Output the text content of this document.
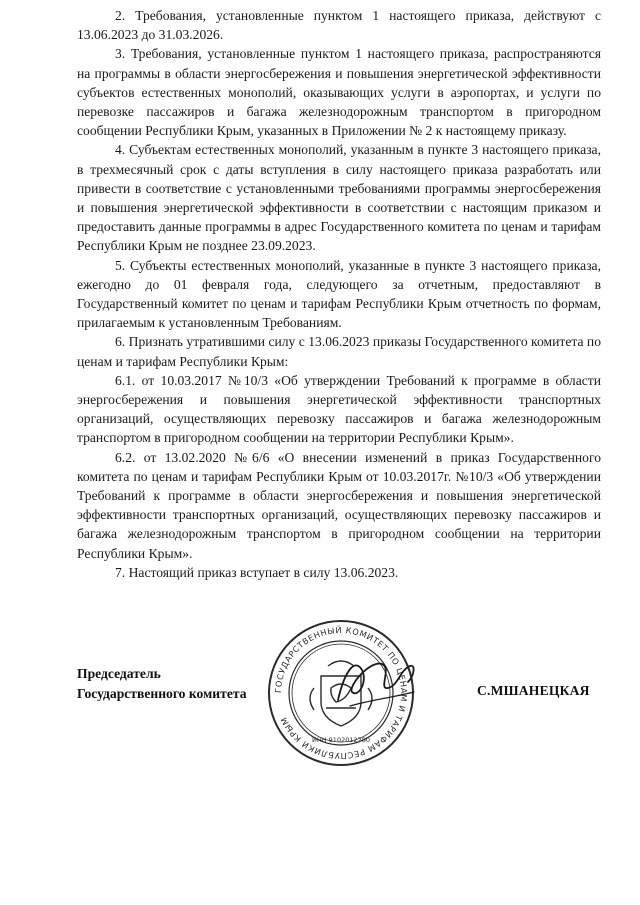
2. Требования, установленные пунктом 1 настоящего приказа, действуют с 13.06.2023 до 31.03.2026.

3. Требования, установленные пунктом 1 настоящего приказа, распространяются на программы в области энергосбережения и повышения энергетической эффективности субъектов естественных монополий, оказывающих услуги в аэропортах, и услуги по перевозке пассажиров и багажа железнодорожным транспортом в пригородном сообщении Республики Крым, указанных в Приложении № 2 к настоящему приказу.

4. Субъектам естественных монополий, указанным в пункте 3 настоящего приказа, в трехмесячный срок с даты вступления в силу настоящего приказа разработать или привести в соответствие с установленными требованиями программы энергосбережения и повышения энергетической эффективности в соответствии с настоящим приказом и предоставить данные программы в адрес Государственного комитета по ценам и тарифам Республики Крым не позднее 23.09.2023.

5. Субъекты естественных монополий, указанные в пункте 3 настоящего приказа, ежегодно до 01 февраля года, следующего за отчетным, предоставляют в Государственный комитет по ценам и тарифам Республики Крым отчетность по формам, прилагаемым к установленным Требованиям.

6. Признать утратившими силу с 13.06.2023 приказы Государственного комитета по ценам и тарифам Республики Крым:

6.1. от 10.03.2017 №10/3 «Об утверждении Требований к программе в области энергосбережения и повышения энергетической эффективности транспортных организаций, осуществляющих перевозку пассажиров и багажа железнодорожным транспортом в пригородном сообщении на территории Республики Крым».

6.2. от 13.02.2020 №6/6 «О внесении изменений в приказ Государственного комитета по ценам и тарифам Республики Крым от 10.03.2017г. №10/3 «Об утверждении Требований к программе в области энергосбережения и повышения энергетической эффективности транспортных организаций, осуществляющих перевозку пассажиров и багажа железнодорожным транспортом в пригородном сообщении на территории Республики Крым».

7. Настоящий приказ вступает в силу 13.06.2023.

Председатель
Государственного комитета	С.МШАНЕЦКАЯ
ГОСУДАРСТВЕННЫЙ КОМИТЕТ ПО ЦЕНАМ И ТАРИФАМ РЕСПУБЛИКИ КРЫМ
ИНН 9102012780
